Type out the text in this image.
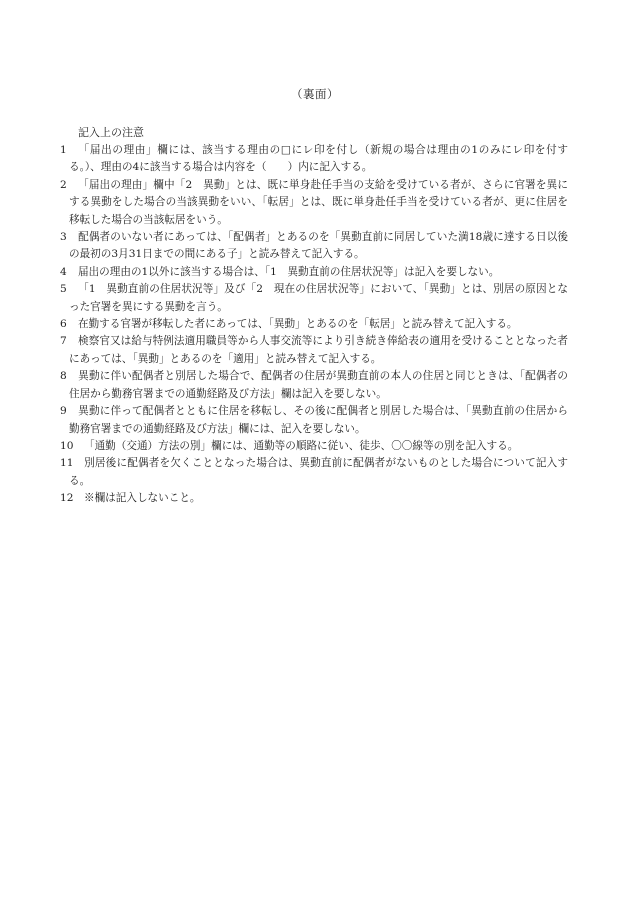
（裏面）
記入上の注意
1 「届出の理由」欄には、該当する理由の□にレ印を付し（新規の場合は理由の1のみにレ印を付する。）、理由の4に該当する場合は内容を（　　）内に記入する。
2 「届出の理由」欄中「2　異動」とは、既に単身赴任手当の支給を受けている者が、さらに官署を異にする異動をした場合の当該異動をいい、「転居」とは、既に単身赴任手当を受けている者が、更に住居を移転した場合の当該転居をいう。
3 配偶者のいない者にあっては、「配偶者」とあるのを「異動直前に同居していた満18歳に達する日以後の最初の3月31日までの間にある子」と読み替えて記入する。
4 届出の理由の1以外に該当する場合は、「1　異動直前の住居状況等」は記入を要しない。
5 「1　異動直前の住居状況等」及び「2　現在の住居状況等」において、「異動」とは、別居の原因となった官署を異にする異動を言う。
6 在勤する官署が移転した者にあっては、「異動」とあるのを「転居」と読み替えて記入する。
7 検察官又は給与特例法適用職員等から人事交流等により引き続き俸給表の適用を受けることとなった者にあっては、「異動」とあるのを「適用」と読み替えて記入する。
8 異動に伴い配偶者と別居した場合で、配偶者の住居が異動直前の本人の住居と同じときは、「配偶者の住居から勤務官署までの通勤経路及び方法」欄は記入を要しない。
9 異動に伴って配偶者とともに住居を移転し、その後に配偶者と別居した場合は、「異動直前の住居から勤務官署までの通勤経路及び方法」欄には、記入を要しない。
10 「通勤（交通）方法の別」欄には、通勤等の順路に従い、徒歩、〇〇線等の別を記入する。
11 別居後に配偶者を欠くこととなった場合は、異動直前に配偶者がないものとした場合について記入する。
12 ※欄は記入しないこと。
